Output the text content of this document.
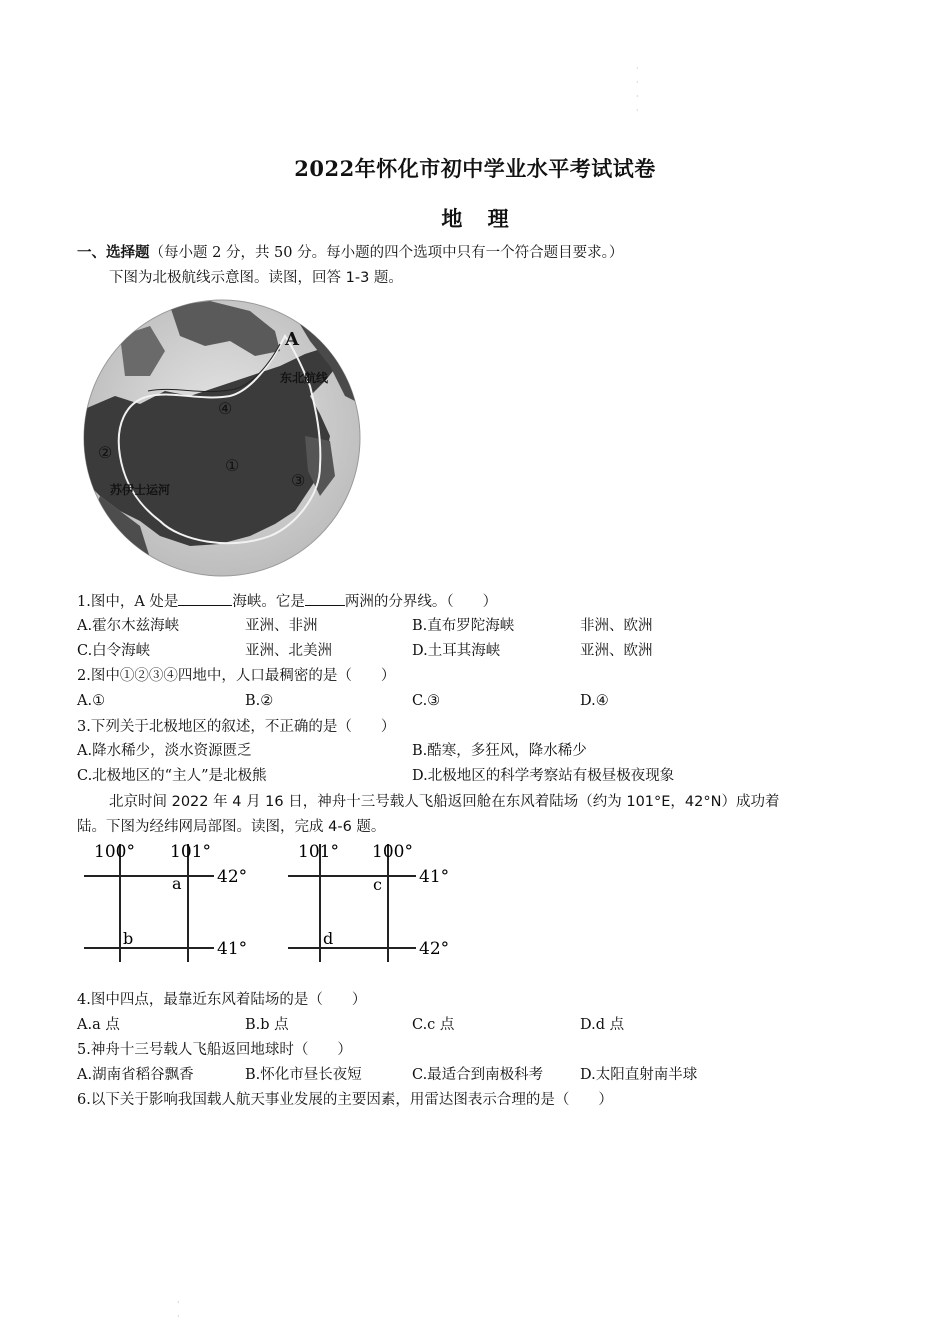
·
·
·
·
·
·
2022年怀化市初中学业水平考试试卷
地 理
一、选择题（每小题 2 分，共 50 分。每小题的四个选项中只有一个符合题目要求。）
下图为北极航线示意图。读图，回答 1-3 题。
A
东北航线
④
②
①
③
苏伊士运河
1.图中，A 处是	海峡。它是	两洲的分界线。（　　）
A.霍尔木兹海峡	亚洲、非洲	B.直布罗陀海峡	非洲、欧洲
C.白令海峡	亚洲、北美洲	D.土耳其海峡	亚洲、欧洲
2.图中①②③④四地中，人口最稠密的是（　　）
A.①	B.②	C.③	D.④
3.下列关于北极地区的叙述，不正确的是（　　）
A.降水稀少，淡水资源匮乏	B.酷寒，多狂风，降水稀少
C.北极地区的“主人”是北极熊	D.北极地区的科学考察站有极昼极夜现象
北京时间 2022 年 4 月 16 日，神舟十三号载人飞船返回舱在东风着陆场（约为 101°E，42°N）成功着
陆。下图为经纬网局部图。读图，完成 4-6 题。
100° 101°
42°
41°
a
b
101° 100°
41°
42°
c
d
4.图中四点，最靠近东风着陆场的是（　　）
A.a 点	B.b 点	C.c 点	D.d 点
5.神舟十三号载人飞船返回地球时（　　）
A.湖南省稻谷飘香	B.怀化市昼长夜短	C.最适合到南极科考	D.太阳直射南半球
6.以下关于影响我国载人航天事业发展的主要因素，用雷达图表示合理的是（　　）
